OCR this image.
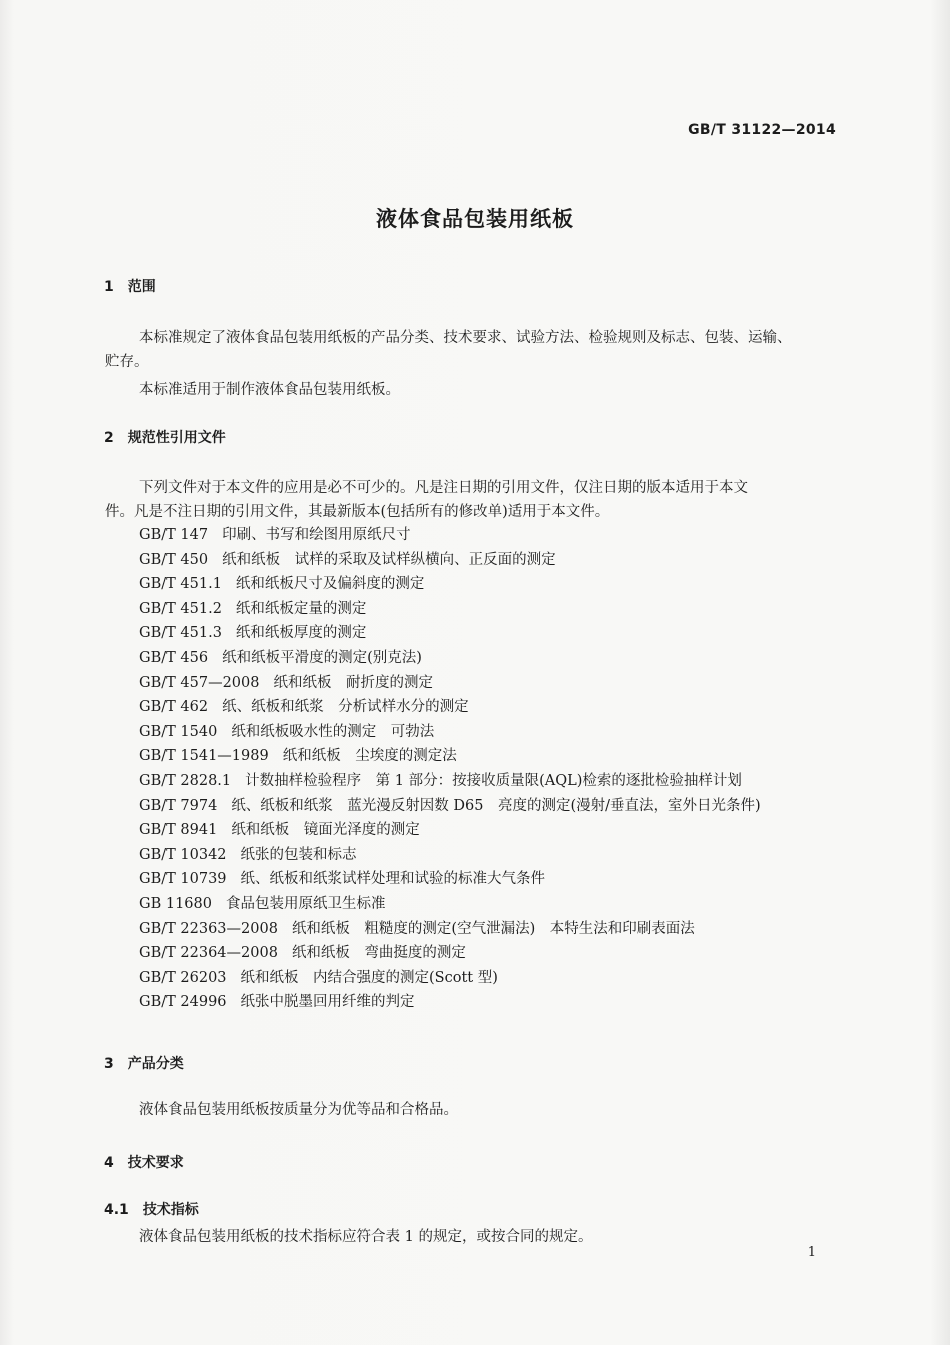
GB/T 31122—2014
液体食品包装用纸板
1 范围
本标准规定了液体食品包装用纸板的产品分类、技术要求、试验方法、检验规则及标志、包装、运输、
贮存。
本标准适用于制作液体食品包装用纸板。
2 规范性引用文件
下列文件对于本文件的应用是必不可少的。凡是注日期的引用文件，仅注日期的版本适用于本文
件。凡是不注日期的引用文件，其最新版本(包括所有的修改单)适用于本文件。
GB/T 147 印刷、书写和绘图用原纸尺寸
GB/T 450 纸和纸板　试样的采取及试样纵横向、正反面的测定
GB/T 451.1 纸和纸板尺寸及偏斜度的测定
GB/T 451.2 纸和纸板定量的测定
GB/T 451.3 纸和纸板厚度的测定
GB/T 456 纸和纸板平滑度的测定(别克法)
GB/T 457—2008 纸和纸板　耐折度的测定
GB/T 462 纸、纸板和纸浆　分析试样水分的测定
GB/T 1540 纸和纸板吸水性的测定　可勃法
GB/T 1541—1989 纸和纸板　尘埃度的测定法
GB/T 2828.1 计数抽样检验程序　第 1 部分：按接收质量限(AQL)检索的逐批检验抽样计划
GB/T 7974 纸、纸板和纸浆　蓝光漫反射因数 D65　亮度的测定(漫射/垂直法，室外日光条件)
GB/T 8941 纸和纸板　镜面光泽度的测定
GB/T 10342 纸张的包装和标志
GB/T 10739 纸、纸板和纸浆试样处理和试验的标准大气条件
GB 11680 食品包装用原纸卫生标准
GB/T 22363—2008 纸和纸板　粗糙度的测定(空气泄漏法)　本特生法和印刷表面法
GB/T 22364—2008 纸和纸板　弯曲挺度的测定
GB/T 26203 纸和纸板　内结合强度的测定(Scott 型)
GB/T 24996 纸张中脱墨回用纤维的判定
3 产品分类
液体食品包装用纸板按质量分为优等品和合格品。
4 技术要求
4.1 技术指标
液体食品包装用纸板的技术指标应符合表 1 的规定，或按合同的规定。
1
